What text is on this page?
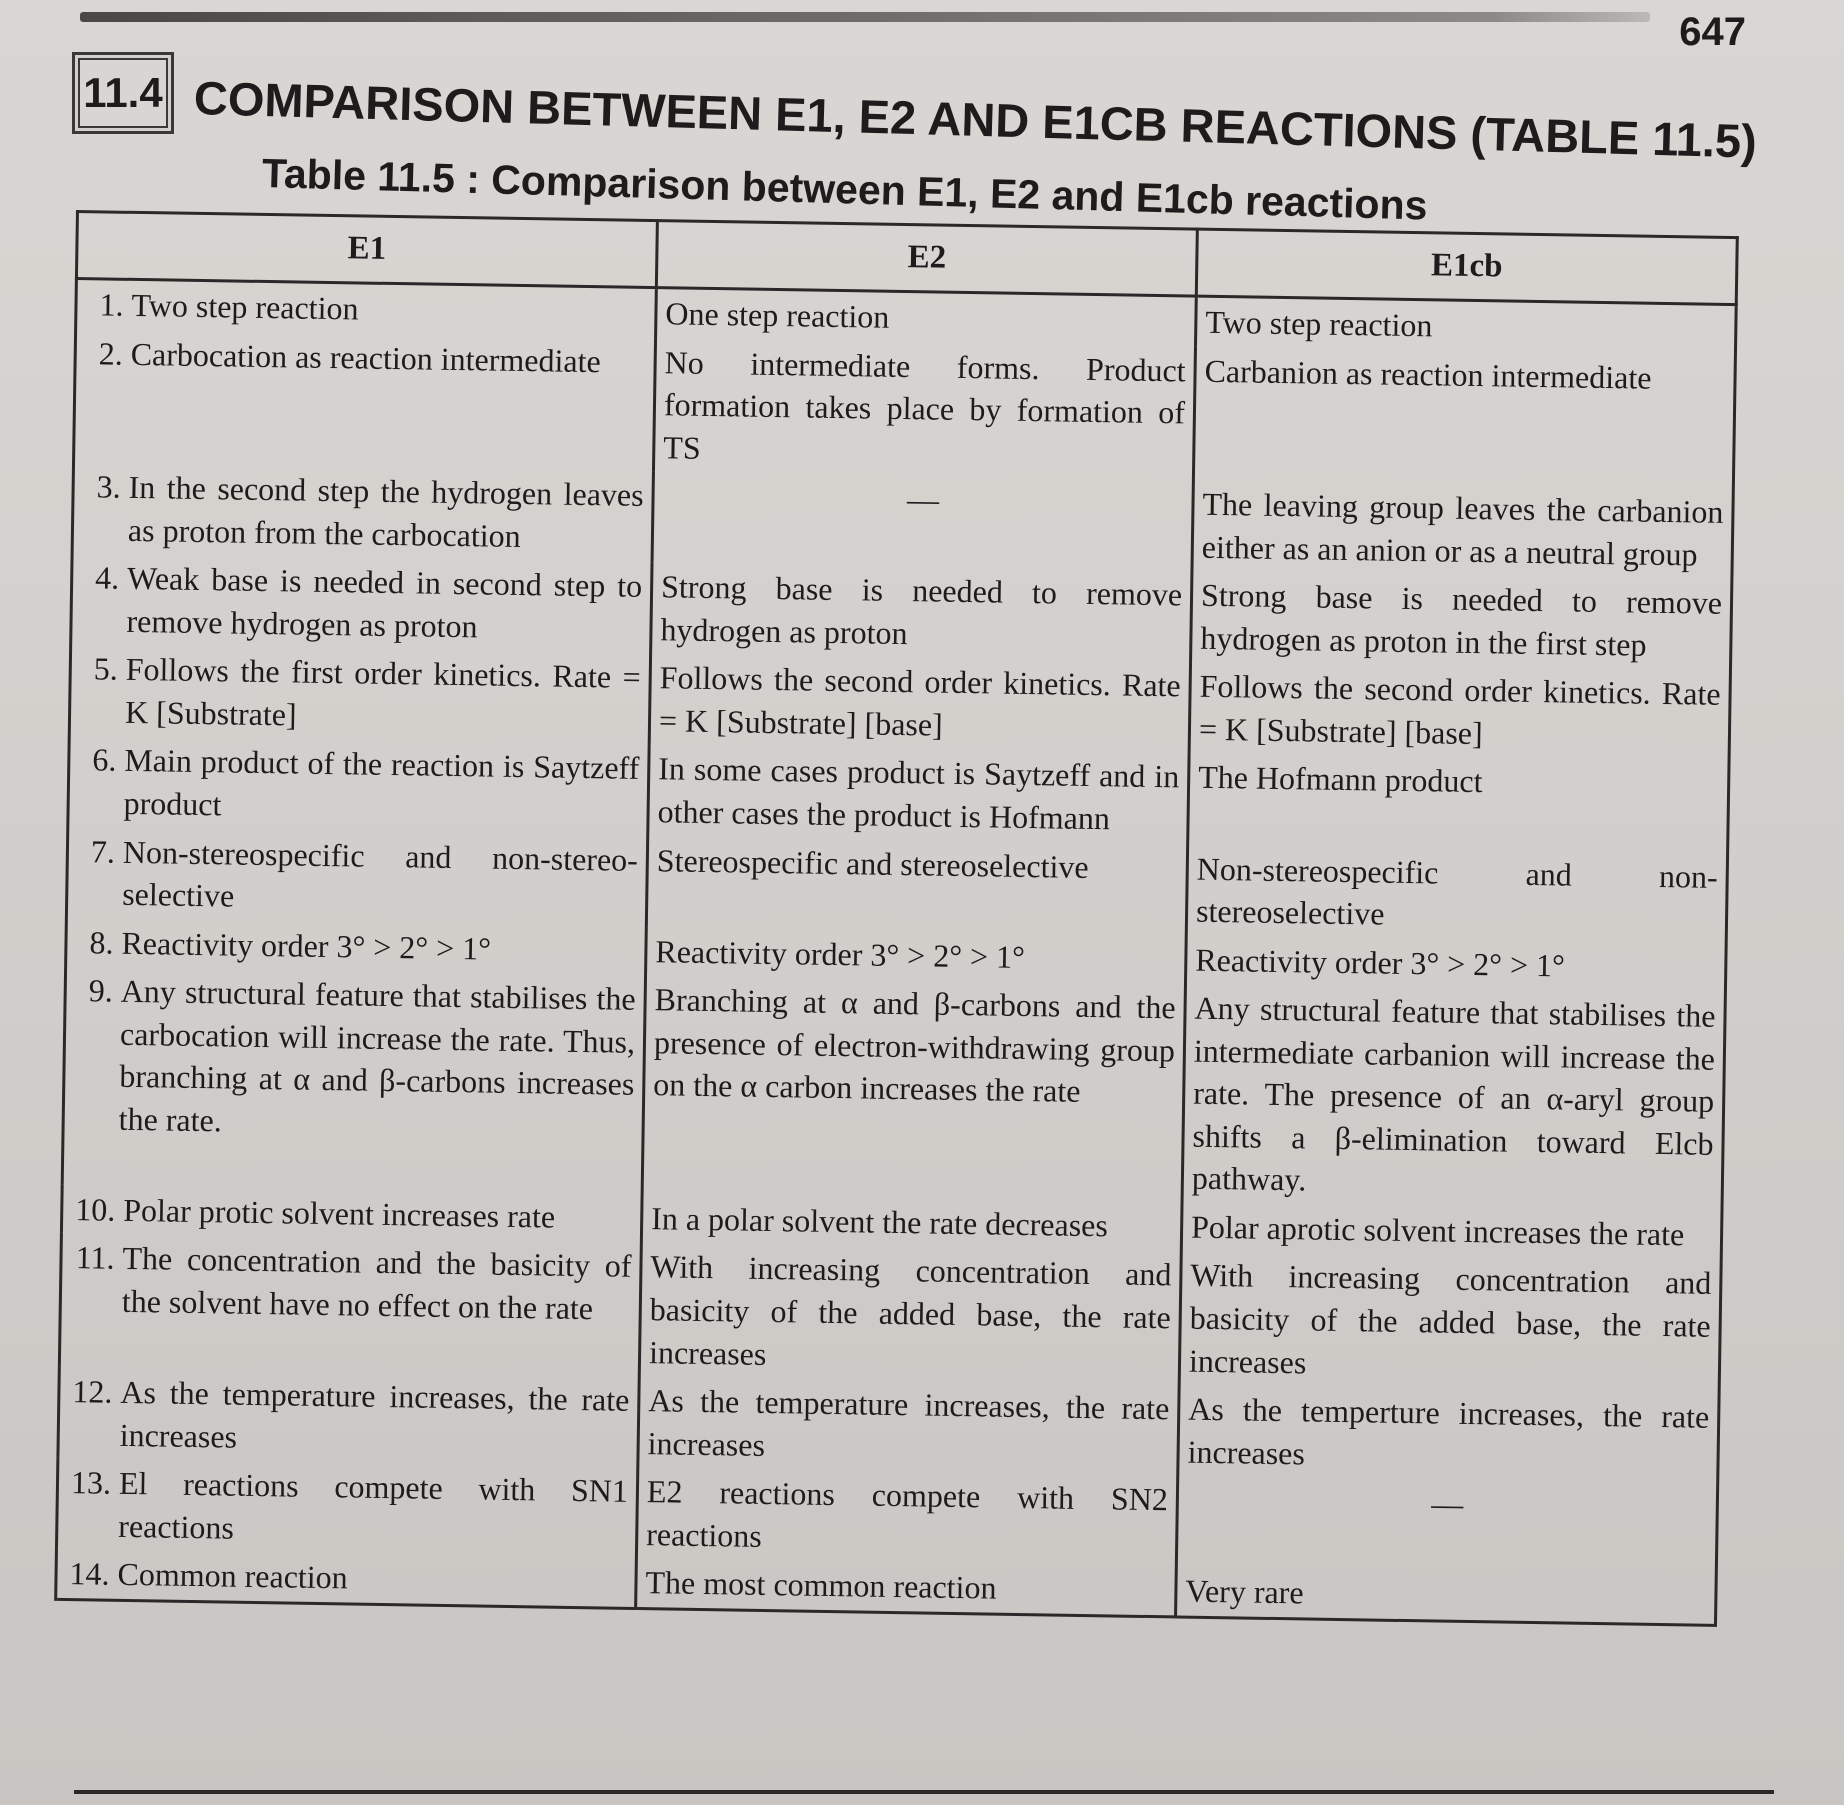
647
11.4 COMPARISON BETWEEN E1, E2 AND E1CB REACTIONS (TABLE 11.5)
Table 11.5 : Comparison between E1, E2 and E1cb reactions
E1	E2	E1cb

1. Two step reaction	One step reaction	Two step reaction

2. Carbocation as reaction intermediate	No intermediate forms. Product formation takes place by formation of TS	Carbanion as reaction intermediate

3. In the second step the hydrogen leaves as proton from the carbocation	—	The leaving group leaves the carbanion either as an anion or as a neutral group

4. Weak base is needed in second step to remove hydrogen as proton	Strong base is needed to remove hydrogen as proton	Strong base is needed to remove hydrogen as proton in the first step

5. Follows the first order kinetics. Rate = K [Substrate]	Follows the second order kinetics. Rate = K [Substrate] [base]	Follows the second order kinetics. Rate = K [Substrate] [base]

6. Main product of the reaction is Saytzeff product	In some cases product is Saytzeff and in other cases the product is Hofmann	The Hofmann product

7. Non-stereospecific and non-stereo-selective	Stereospecific and stereoselective	Non-stereospecific and non-stereoselective

8. Reactivity order 3° > 2° > 1°	Reactivity order 3° > 2° > 1°	Reactivity order 3° > 2° > 1°

9. Any structural feature that stabilises the carbocation will increase the rate. Thus, branching at α and β-carbons increases the rate.	Branching at α and β-carbons and the presence of electron-withdrawing group on the α carbon increases the rate	Any structural feature that stabilises the intermediate carbanion will increase the rate. The presence of an α-aryl group shifts a β-elimination toward Elcb pathway.

10. Polar protic solvent increases rate	In a polar solvent the rate decreases	Polar aprotic solvent increases the rate

11. The concentration and the basicity of the solvent have no effect on the rate	With increasing concentration and basicity of the added base, the rate increases	With increasing concentration and basicity of the added base, the rate increases

12. As the temperature increases, the rate increases	As the temperature increases, the rate increases	As the temperture increases, the rate increases

13. El reactions compete with SN1 reactions	E2 reactions compete with SN2 reactions	—

14. Common reaction	The most common reaction	Very rare
